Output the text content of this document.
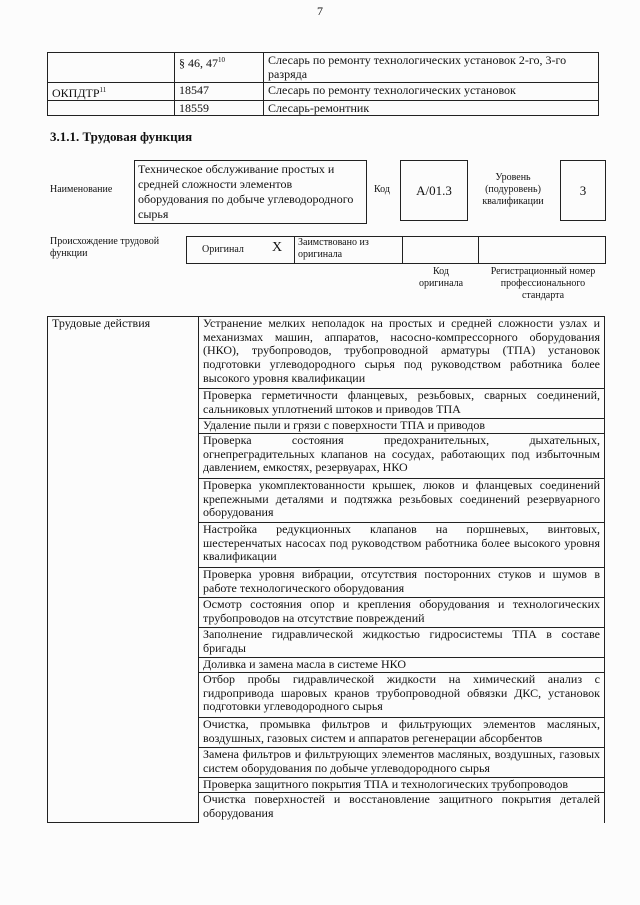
7
	§ 46, $47^{10}$	Слесарь по ремонту технологических установок 2-го, 3-го разряда
ОКПДТР$^{11}$	18547	Слесарь по ремонту технологических установок
	18559	Слесарь-ремонтник
3.1.1. Трудовая функция
Наименование
Техническое обслуживание простых и средней сложности элементов оборудования по добыче углеводородного сырья
Код	A/01.3
Уровень (подуровень) квалификации
3
Происхождение трудовой функции	Оригинал X Заимствовано из оригинала
Код оригинала
Регистрационный номер профессионального стандарта
Трудовые действия	Устранение мелких неполадок на простых и средней сложности узлах и механизмах машин, аппаратов, насосно-компрессорного оборудования (НКО), трубопроводов, трубопроводной арматуры (ТПА) установок подготовки углеводородного сырья под руководством работника более высокого уровня квалификации
Проверка герметичности фланцевых, резьбовых, сварных соединений, сальниковых уплотнений штоков и приводов ТПА
Удаление пыли и грязи с поверхности ТПА и приводов
Проверка состояния предохранительных, дыхательных, огнепреградительных клапанов на сосудах, работающих под избыточным давлением, емкостях, резервуарах, НКО
Проверка укомплектованности крышек, люков и фланцевых соединений крепежными деталями и подтяжка резьбовых соединений резервуарного оборудования
Настройка редукционных клапанов на поршневых, винтовых, шестеренчатых насосах под руководством работника более высокого уровня квалификации
Проверка уровня вибрации, отсутствия посторонних стуков и шумов в работе технологического оборудования
Осмотр состояния опор и крепления оборудования и технологических трубопроводов на отсутствие повреждений
Заполнение гидравлической жидкостью гидросистемы ТПА в составе бригады
Доливка и замена масла в системе НКО
Отбор пробы гидравлической жидкости на химический анализ с гидропривода шаровых кранов трубопроводной обвязки ДКС, установок подготовки углеводородного сырья
Очистка, промывка фильтров и фильтрующих элементов масляных, воздушных, газовых систем и аппаратов регенерации абсорбентов
Замена фильтров и фильтрующих элементов масляных, воздушных, газовых систем оборудования по добыче углеводородного сырья
Проверка защитного покрытия ТПА и технологических трубопроводов
Очистка поверхностей и восстановление защитного покрытия деталей оборудования
